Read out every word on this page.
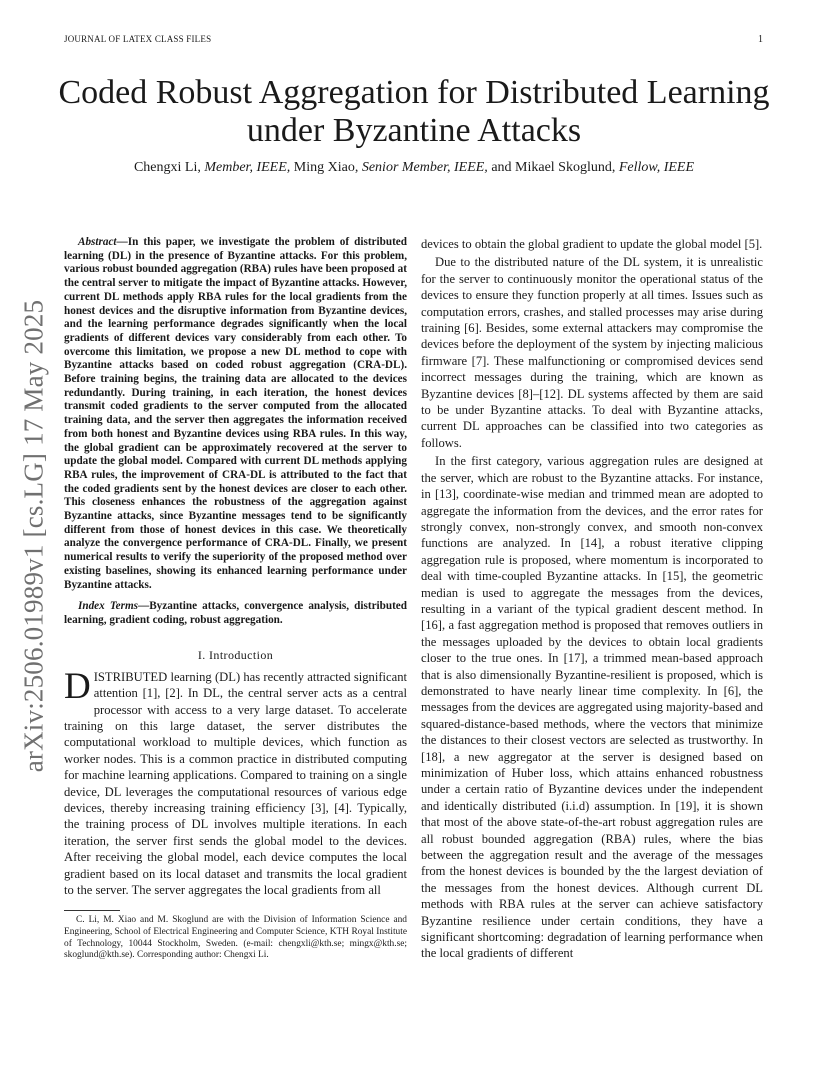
JOURNAL OF LATEX CLASS FILES	1
arXiv:2506.01989v1 [cs.LG] 17 May 2025
Coded Robust Aggregation for Distributed Learning under Byzantine Attacks
Chengxi Li, Member, IEEE, Ming Xiao, Senior Member, IEEE, and Mikael Skoglund, Fellow, IEEE

Abstract—In this paper, we investigate the problem of distributed learning (DL) in the presence of Byzantine attacks. For this problem, various robust bounded aggregation (RBA) rules have been proposed at the central server to mitigate the impact of Byzantine attacks. However, current DL methods apply RBA rules for the local gradients from the honest devices and the disruptive information from Byzantine devices, and the learning performance degrades significantly when the local gradients of different devices vary considerably from each other. To overcome this limitation, we propose a new DL method to cope with Byzantine attacks based on coded robust aggregation (CRA-DL). Before training begins, the training data are allocated to the devices redundantly. During training, in each iteration, the honest devices transmit coded gradients to the server computed from the allocated training data, and the server then aggregates the information received from both honest and Byzantine devices using RBA rules. In this way, the global gradient can be approximately recovered at the server to update the global model. Compared with current DL methods applying RBA rules, the improvement of CRA-DL is attributed to the fact that the coded gradients sent by the honest devices are closer to each other. This closeness enhances the robustness of the aggregation against Byzantine attacks, since Byzantine messages tend to be significantly different from those of honest devices in this case. We theoretically analyze the convergence performance of CRA-DL. Finally, we present numerical results to verify the superiority of the proposed method over existing baselines, showing its enhanced learning performance under Byzantine attacks.

Index Terms—Byzantine attacks, convergence analysis, distributed learning, gradient coding, robust aggregation.

I. Introduction

DISTRIBUTED learning (DL) has recently attracted significant attention [1], [2]. In DL, the central server acts as a central processor with access to a very large dataset. To accelerate training on this large dataset, the server distributes the computational workload to multiple devices, which function as worker nodes. This is a common practice in distributed computing for machine learning applications. Compared to training on a single device, DL leverages the computational resources of various edge devices, thereby increasing training efficiency [3], [4]. Typically, the training process of DL involves multiple iterations. In each iteration, the server first sends the global model to the devices. After receiving the global model, each device computes the local gradient based on its local dataset and transmits the local gradient to the server. The server aggregates the local gradients from all

C. Li, M. Xiao and M. Skoglund are with the Division of Information Science and Engineering, School of Electrical Engineering and Computer Science, KTH Royal Institute of Technology, 10044 Stockholm, Sweden. (e-mail: chengxli@kth.se; mingx@kth.se; skoglund@kth.se). Corresponding author: Chengxi Li.

devices to obtain the global gradient to update the global model [5].

Due to the distributed nature of the DL system, it is unrealistic for the server to continuously monitor the operational status of the devices to ensure they function properly at all times. Issues such as computation errors, crashes, and stalled processes may arise during training [6]. Besides, some external attackers may compromise the devices before the deployment of the system by injecting malicious firmware [7]. These malfunctioning or compromised devices send incorrect messages during the training, which are known as Byzantine devices [8]–[12]. DL systems affected by them are said to be under Byzantine attacks. To deal with Byzantine attacks, current DL approaches can be classified into two categories as follows.

In the first category, various aggregation rules are designed at the server, which are robust to the Byzantine attacks. For instance, in [13], coordinate-wise median and trimmed mean are adopted to aggregate the information from the devices, and the error rates for strongly convex, non-strongly convex, and smooth non-convex functions are analyzed. In [14], a robust iterative clipping aggregation rule is proposed, where momentum is incorporated to deal with time-coupled Byzantine attacks. In [15], the geometric median is used to aggregate the messages from the devices, resulting in a variant of the typical gradient descent method. In [16], a fast aggregation method is proposed that removes outliers in the messages uploaded by the devices to obtain local gradients closer to the true ones. In [17], a trimmed mean-based approach that is also dimensionally Byzantine-resilient is proposed, which is demonstrated to have nearly linear time complexity. In [6], the messages from the devices are aggregated using majority-based and squared-distance-based methods, where the vectors that minimize the distances to their closest vectors are selected as trustworthy. In [18], a new aggregator at the server is designed based on minimization of Huber loss, which attains enhanced robustness under a certain ratio of Byzantine devices under the independent and identically distributed (i.i.d) assumption. In [19], it is shown that most of the above state-of-the-art robust aggregation rules are all robust bounded aggregation (RBA) rules, where the bias between the aggregation result and the average of the messages from the honest devices is bounded by the the largest deviation of the messages from the honest devices. Although current DL methods with RBA rules at the server can achieve satisfactory Byzantine resilience under certain conditions, they have a significant shortcoming: degradation of learning performance when the local gradients of different
